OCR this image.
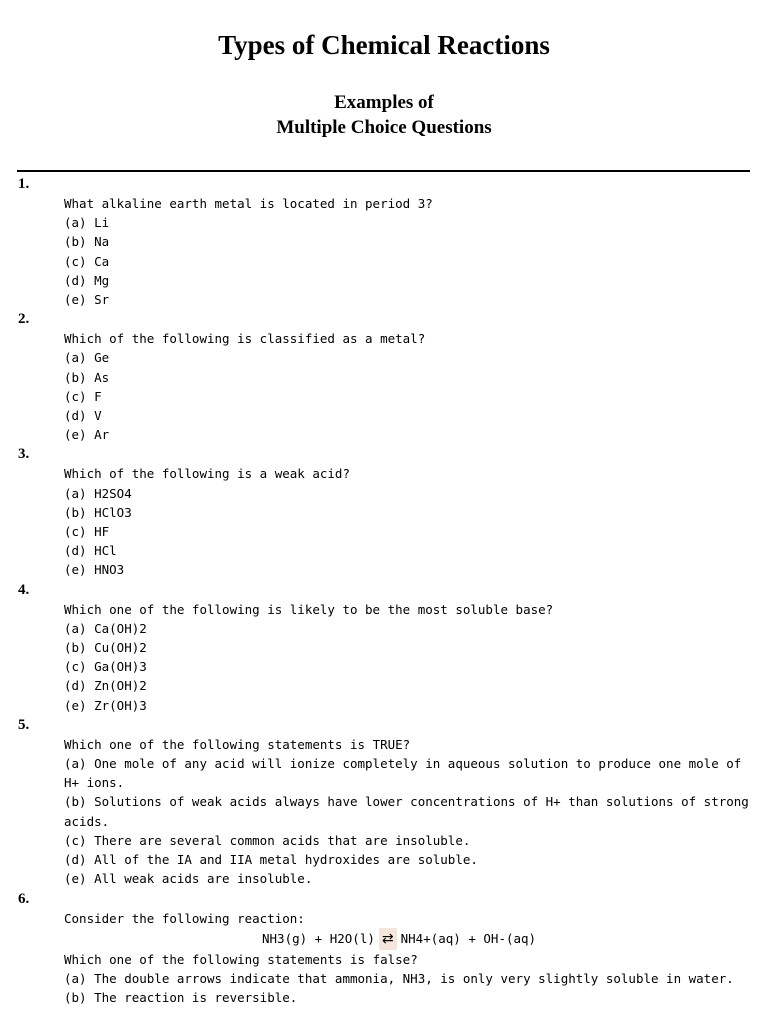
Types of Chemical Reactions
Examples of
Multiple Choice Questions
1.
What alkaline earth metal is located in period 3?
(a) Li
(b) Na
(c) Ca
(d) Mg
(e) Sr
2.
Which of the following is classified as a metal?
(a) Ge
(b) As
(c) F
(d) V
(e) Ar
3.
Which of the following is a weak acid?
(a) H2SO4
(b) HClO3
(c) HF
(d) HCl
(e) HNO3
4.
Which one of the following is likely to be the most soluble base?
(a) Ca(OH)2
(b) Cu(OH)2
(c) Ga(OH)3
(d) Zn(OH)2
(e) Zr(OH)3
5.
Which one of the following statements is TRUE?
(a) One mole of any acid will ionize completely in aqueous solution to produce one mole of H+ ions.
(b) Solutions of weak acids always have lower concentrations of H+ than solutions of strong acids.
(c) There are several common acids that are insoluble.
(d) All of the IA and IIA metal hydroxides are soluble.
(e) All weak acids are insoluble.
6.
Consider the following reaction:
NH3(g) + H2O(l) ⇄ NH4+(aq) + OH-(aq)
Which one of the following statements is false?
(a) The double arrows indicate that ammonia, NH3, is only very slightly soluble in water.
(b) The reaction is reversible.
